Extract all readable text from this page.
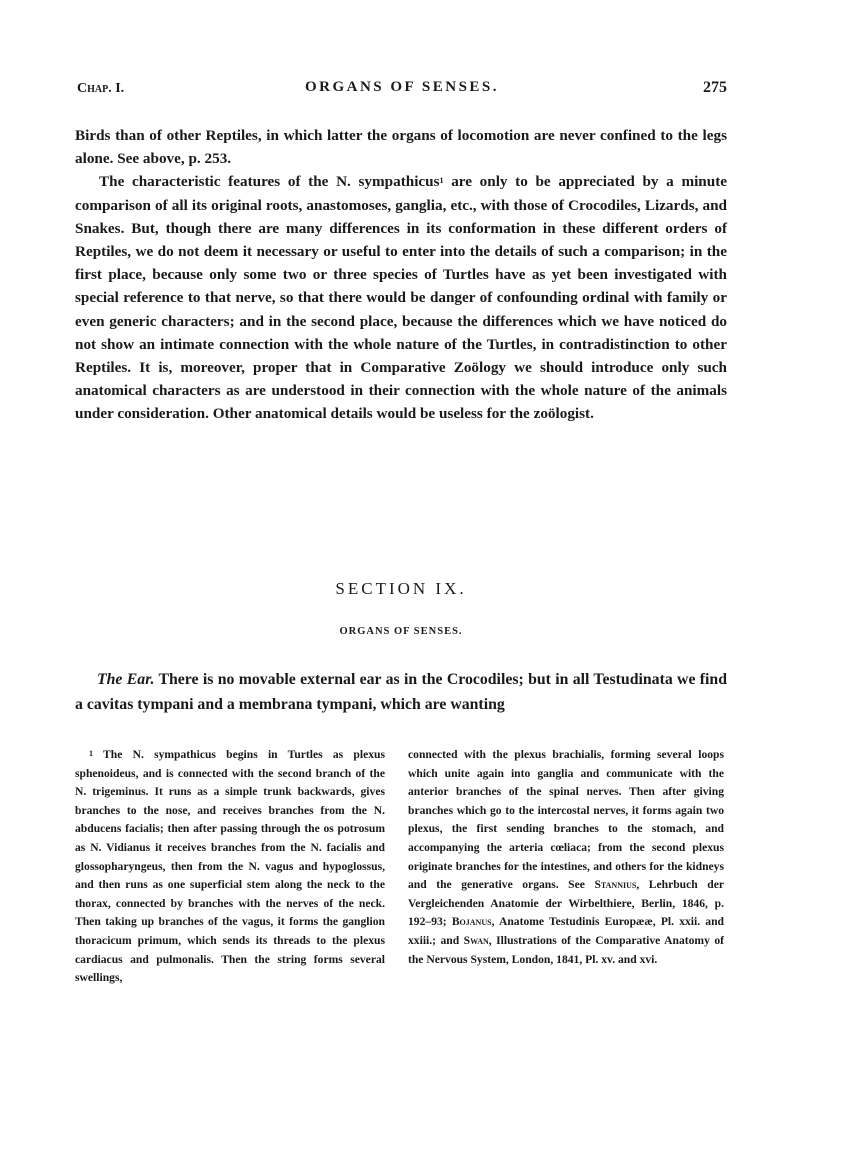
Chap. I.	ORGANS OF SENSES.	275

Birds than of other Reptiles, in which latter the organs of locomotion are never confined to the legs alone. See above, p. 253.

The characteristic features of the N. sympathicus$^1$ are only to be appreciated by a minute comparison of all its original roots, anastomoses, ganglia, etc., with those of Crocodiles, Lizards, and Snakes. But, though there are many differences in its conformation in these different orders of Reptiles, we do not deem it necessary or useful to enter into the details of such a comparison; in the first place, because only some two or three species of Turtles have as yet been investigated with special reference to that nerve, so that there would be danger of confounding ordinal with family or even generic characters; and in the second place, because the differences which we have noticed do not show an intimate connection with the whole nature of the Turtles, in contradistinction to other Reptiles. It is, moreover, proper that in Comparative Zoölogy we should introduce only such anatomical characters as are understood in their connection with the whole nature of the animals under consideration. Other anatomical details would be useless for the zoölogist.

SECTION IX.
ORGANS OF SENSES.

The Ear. There is no movable external ear as in the Crocodiles; but in all Testudinata we find a cavitas tympani and a membrana tympani, which are wanting

$^1$ The N. sympathicus begins in Turtles as plexus sphenoideus, and is connected with the second branch of the N. trigeminus. It runs as a simple trunk backwards, gives branches to the nose, and receives branches from the N. abducens facialis; then after passing through the os potrosum as N. Vidianus it receives branches from the N. facialis and glossopharyngeus, then from the N. vagus and hypoglossus, and then runs as one superficial stem along the neck to the thorax, connected by branches with the nerves of the neck. Then taking up branches of the vagus, it forms the ganglion thoracicum primum, which sends its threads to the plexus cardiacus and pulmonalis. Then the string forms several swellings,

connected with the plexus brachialis, forming several loops which unite again into ganglia and communicate with the anterior branches of the spinal nerves. Then after giving branches which go to the intercostal nerves, it forms again two plexus, the first sending branches to the stomach, and accompanying the arteria cœliaca; from the second plexus originate branches for the intestines, and others for the kidneys and the generative organs. See Stannius, Lehrbuch der Vergleichenden Anatomie der Wirbelthiere, Berlin, 1846, p. 192–93; Bojanus, Anatome Testudinis Europææ, Pl. xxii. and xxiii.; and Swan, Illustrations of the Comparative Anatomy of the Nervous System, London, 1841, Pl. xv. and xvi.
